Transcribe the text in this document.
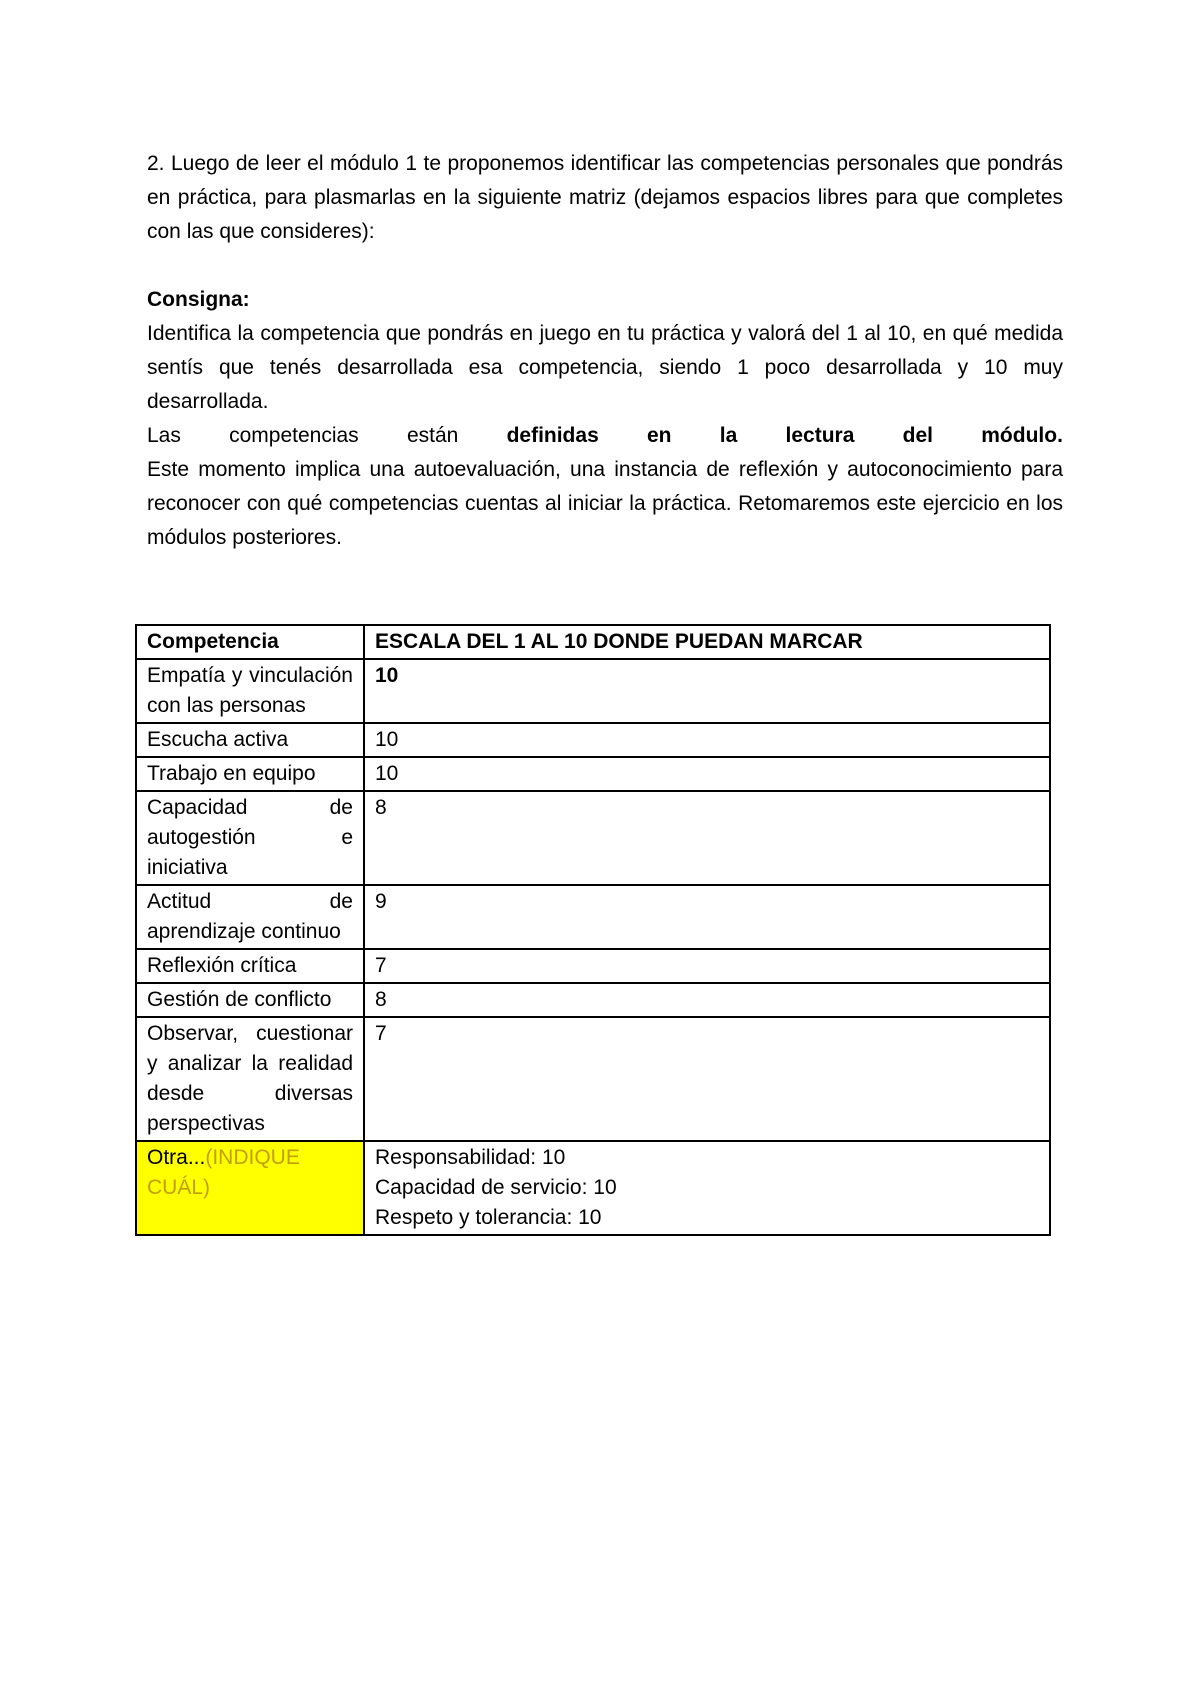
2. Luego de leer el módulo 1 te proponemos identificar las competencias personales que pondrás en práctica, para plasmarlas en la siguiente matriz (dejamos espacios libres para que completes con las que consideres):

Consigna:

Identifica la competencia que pondrás en juego en tu práctica y valorá del 1 al 10, en qué medida sentís que tenés desarrollada esa competencia, siendo 1 poco desarrollada y 10 muy desarrollada.

Las competencias están definidas en la lectura del módulo.

Este momento implica una autoevaluación, una instancia de reflexión y autoconocimiento para reconocer con qué competencias cuentas al iniciar la práctica. Retomaremos este ejercicio en los módulos posteriores.

Competencia	ESCALA DEL 1 AL 10 DONDE PUEDAN MARCAR
Empatía y vinculación con las personas	10
Escucha activa	10
Trabajo en equipo	10
Capacidad de autogestión e iniciativa	8
Actitud de aprendizaje continuo	9
Reflexión crítica	7
Gestión de conflicto	8
Observar, cuestionar y analizar la realidad desde diversas perspectivas	7
Otra...(INDIQUE CUÁL)	Responsabilidad: 10
Capacidad de servicio: 10
Respeto y tolerancia: 10
